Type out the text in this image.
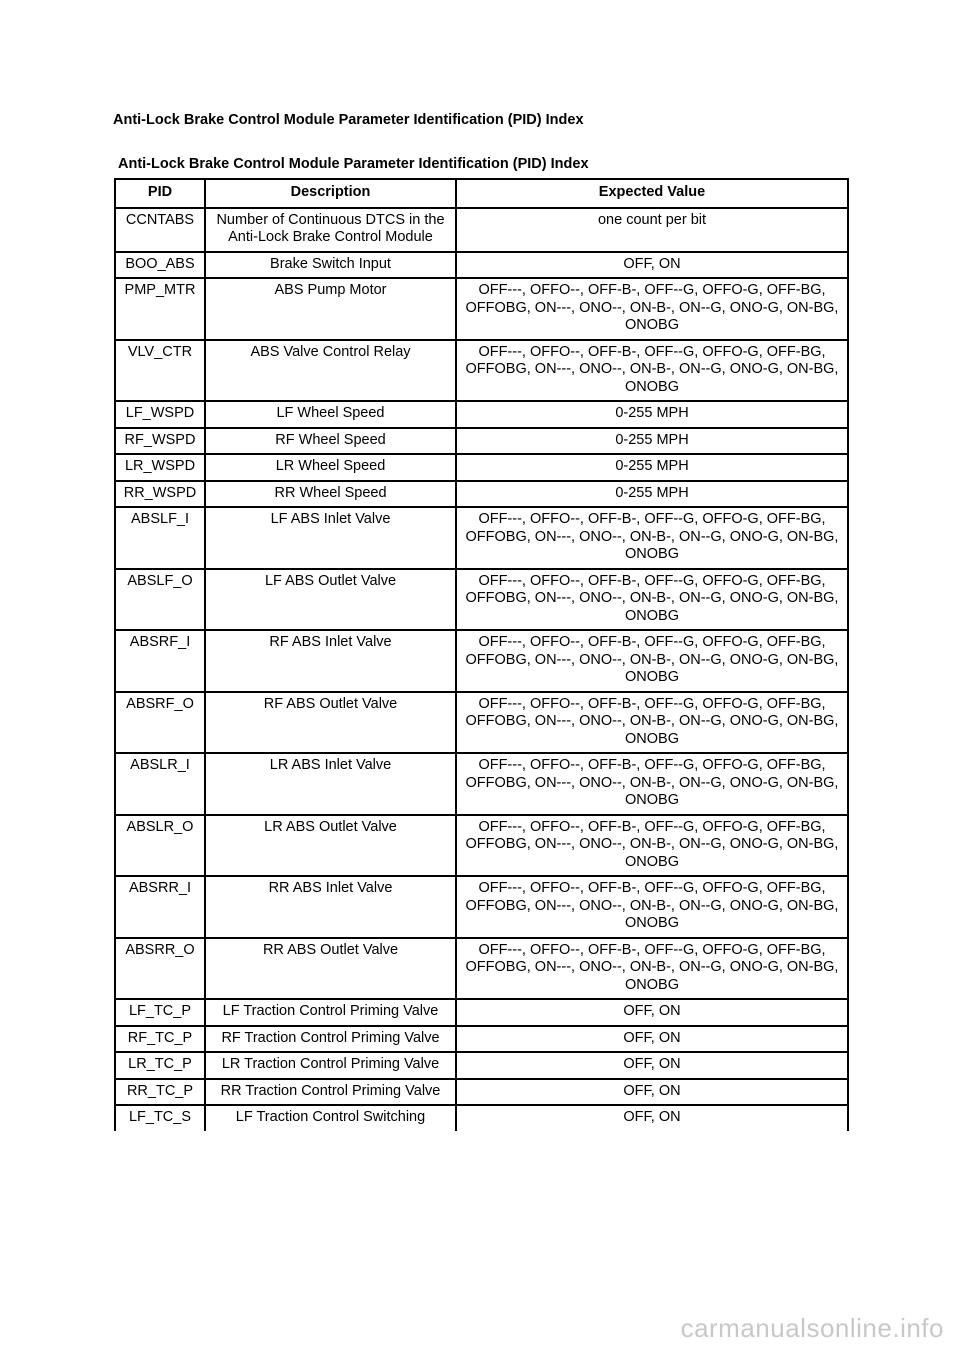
Anti-Lock Brake Control Module Parameter Identification (PID) Index
Anti-Lock Brake Control Module Parameter Identification (PID) Index
PID	Description	Expected Value
CCNTABS	Number of Continuous DTCS in the Anti-Lock Brake Control Module	one count per bit
BOO_ABS	Brake Switch Input	OFF, ON
PMP_MTR	ABS Pump Motor	OFF---, OFFO--, OFF-B-, OFF--G, OFFO-G, OFF-BG, OFFOBG, ON---, ONO--, ON-B-, ON--G, ONO-G, ON-BG, ONOBG
VLV_CTR	ABS Valve Control Relay	OFF---, OFFO--, OFF-B-, OFF--G, OFFO-G, OFF-BG, OFFOBG, ON---, ONO--, ON-B-, ON--G, ONO-G, ON-BG, ONOBG
LF_WSPD	LF Wheel Speed	0-255 MPH
RF_WSPD	RF Wheel Speed	0-255 MPH
LR_WSPD	LR Wheel Speed	0-255 MPH
RR_WSPD	RR Wheel Speed	0-255 MPH
ABSLF_I	LF ABS Inlet Valve	OFF---, OFFO--, OFF-B-, OFF--G, OFFO-G, OFF-BG, OFFOBG, ON---, ONO--, ON-B-, ON--G, ONO-G, ON-BG, ONOBG
ABSLF_O	LF ABS Outlet Valve	OFF---, OFFO--, OFF-B-, OFF--G, OFFO-G, OFF-BG, OFFOBG, ON---, ONO--, ON-B-, ON--G, ONO-G, ON-BG, ONOBG
ABSRF_I	RF ABS Inlet Valve	OFF---, OFFO--, OFF-B-, OFF--G, OFFO-G, OFF-BG, OFFOBG, ON---, ONO--, ON-B-, ON--G, ONO-G, ON-BG, ONOBG
ABSRF_O	RF ABS Outlet Valve	OFF---, OFFO--, OFF-B-, OFF--G, OFFO-G, OFF-BG, OFFOBG, ON---, ONO--, ON-B-, ON--G, ONO-G, ON-BG, ONOBG
ABSLR_I	LR ABS Inlet Valve	OFF---, OFFO--, OFF-B-, OFF--G, OFFO-G, OFF-BG, OFFOBG, ON---, ONO--, ON-B-, ON--G, ONO-G, ON-BG, ONOBG
ABSLR_O	LR ABS Outlet Valve	OFF---, OFFO--, OFF-B-, OFF--G, OFFO-G, OFF-BG, OFFOBG, ON---, ONO--, ON-B-, ON--G, ONO-G, ON-BG, ONOBG
ABSRR_I	RR ABS Inlet Valve	OFF---, OFFO--, OFF-B-, OFF--G, OFFO-G, OFF-BG, OFFOBG, ON---, ONO--, ON-B-, ON--G, ONO-G, ON-BG, ONOBG
ABSRR_O	RR ABS Outlet Valve	OFF---, OFFO--, OFF-B-, OFF--G, OFFO-G, OFF-BG, OFFOBG, ON---, ONO--, ON-B-, ON--G, ONO-G, ON-BG, ONOBG
LF_TC_P	LF Traction Control Priming Valve	OFF, ON
RF_TC_P	RF Traction Control Priming Valve	OFF, ON
LR_TC_P	LR Traction Control Priming Valve	OFF, ON
RR_TC_P	RR Traction Control Priming Valve	OFF, ON
LF_TC_S	LF Traction Control Switching	OFF, ON
carmanualsonline.info
